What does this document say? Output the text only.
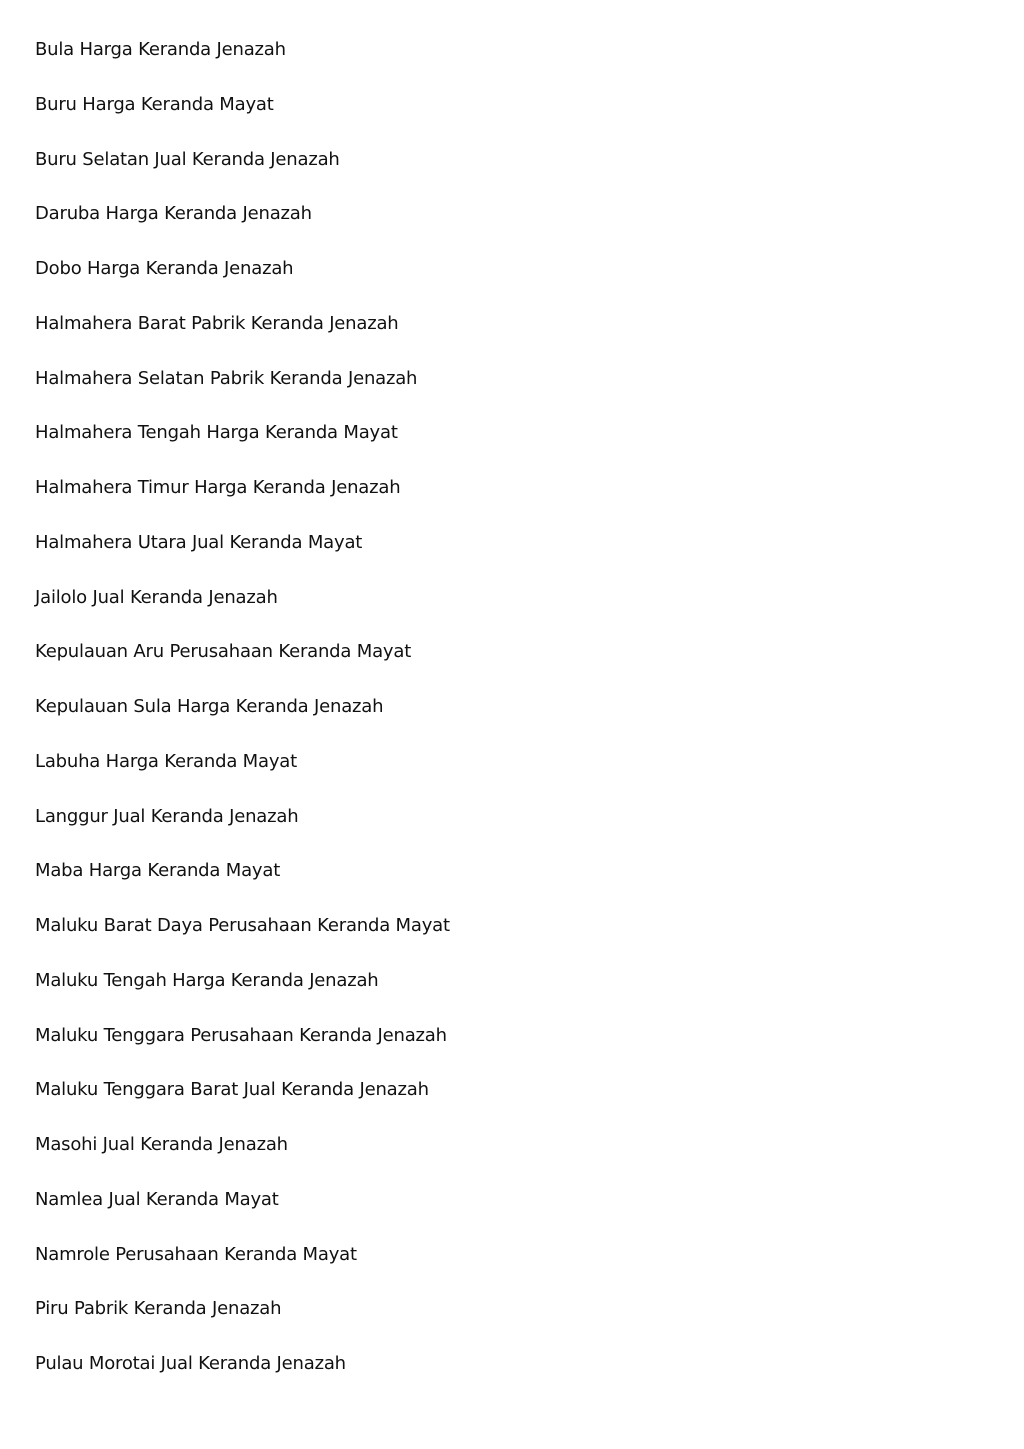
Bula Harga Keranda Jenazah
Buru Harga Keranda Mayat
Buru Selatan Jual Keranda Jenazah
Daruba Harga Keranda Jenazah
Dobo Harga Keranda Jenazah
Halmahera Barat Pabrik Keranda Jenazah
Halmahera Selatan Pabrik Keranda Jenazah
Halmahera Tengah Harga Keranda Mayat
Halmahera Timur Harga Keranda Jenazah
Halmahera Utara Jual Keranda Mayat
Jailolo Jual Keranda Jenazah
Kepulauan Aru Perusahaan Keranda Mayat
Kepulauan Sula Harga Keranda Jenazah
Labuha Harga Keranda Mayat
Langgur Jual Keranda Jenazah
Maba Harga Keranda Mayat
Maluku Barat Daya Perusahaan Keranda Mayat
Maluku Tengah Harga Keranda Jenazah
Maluku Tenggara Perusahaan Keranda Jenazah
Maluku Tenggara Barat Jual Keranda Jenazah
Masohi Jual Keranda Jenazah
Namlea Jual Keranda Mayat
Namrole Perusahaan Keranda Mayat
Piru Pabrik Keranda Jenazah
Pulau Morotai Jual Keranda Jenazah
